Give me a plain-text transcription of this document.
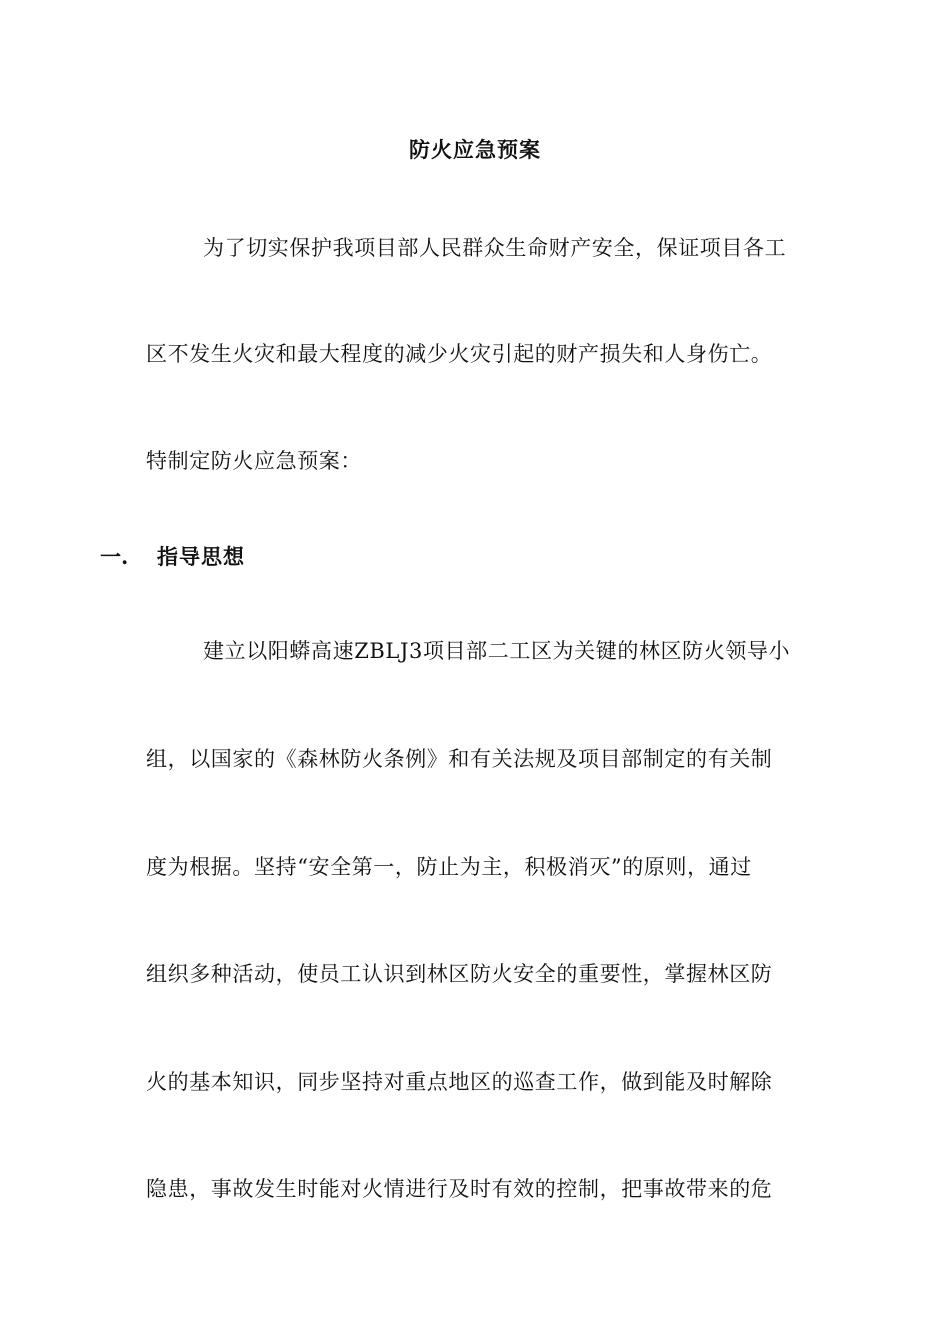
防火应急预案
为了切实保护我项目部人民群众生命财产安全，保证项目各工
区不发生火灾和最大程度的减少火灾引起的财产损失和人身伤亡。
特制定防火应急预案：
一. 指导思想
建立以阳蟒高速ZBLJ3项目部二工区为关键的林区防火领导小
组，以国家的《森林防火条例》和有关法规及项目部制定的有关制
度为根据。坚持“安全第一，防止为主，积极消灭”的原则，通过
组织多种活动，使员工认识到林区防火安全的重要性，掌握林区防
火的基本知识，同步坚持对重点地区的巡查工作，做到能及时解除
隐患，事故发生时能对火情进行及时有效的控制，把事故带来的危
